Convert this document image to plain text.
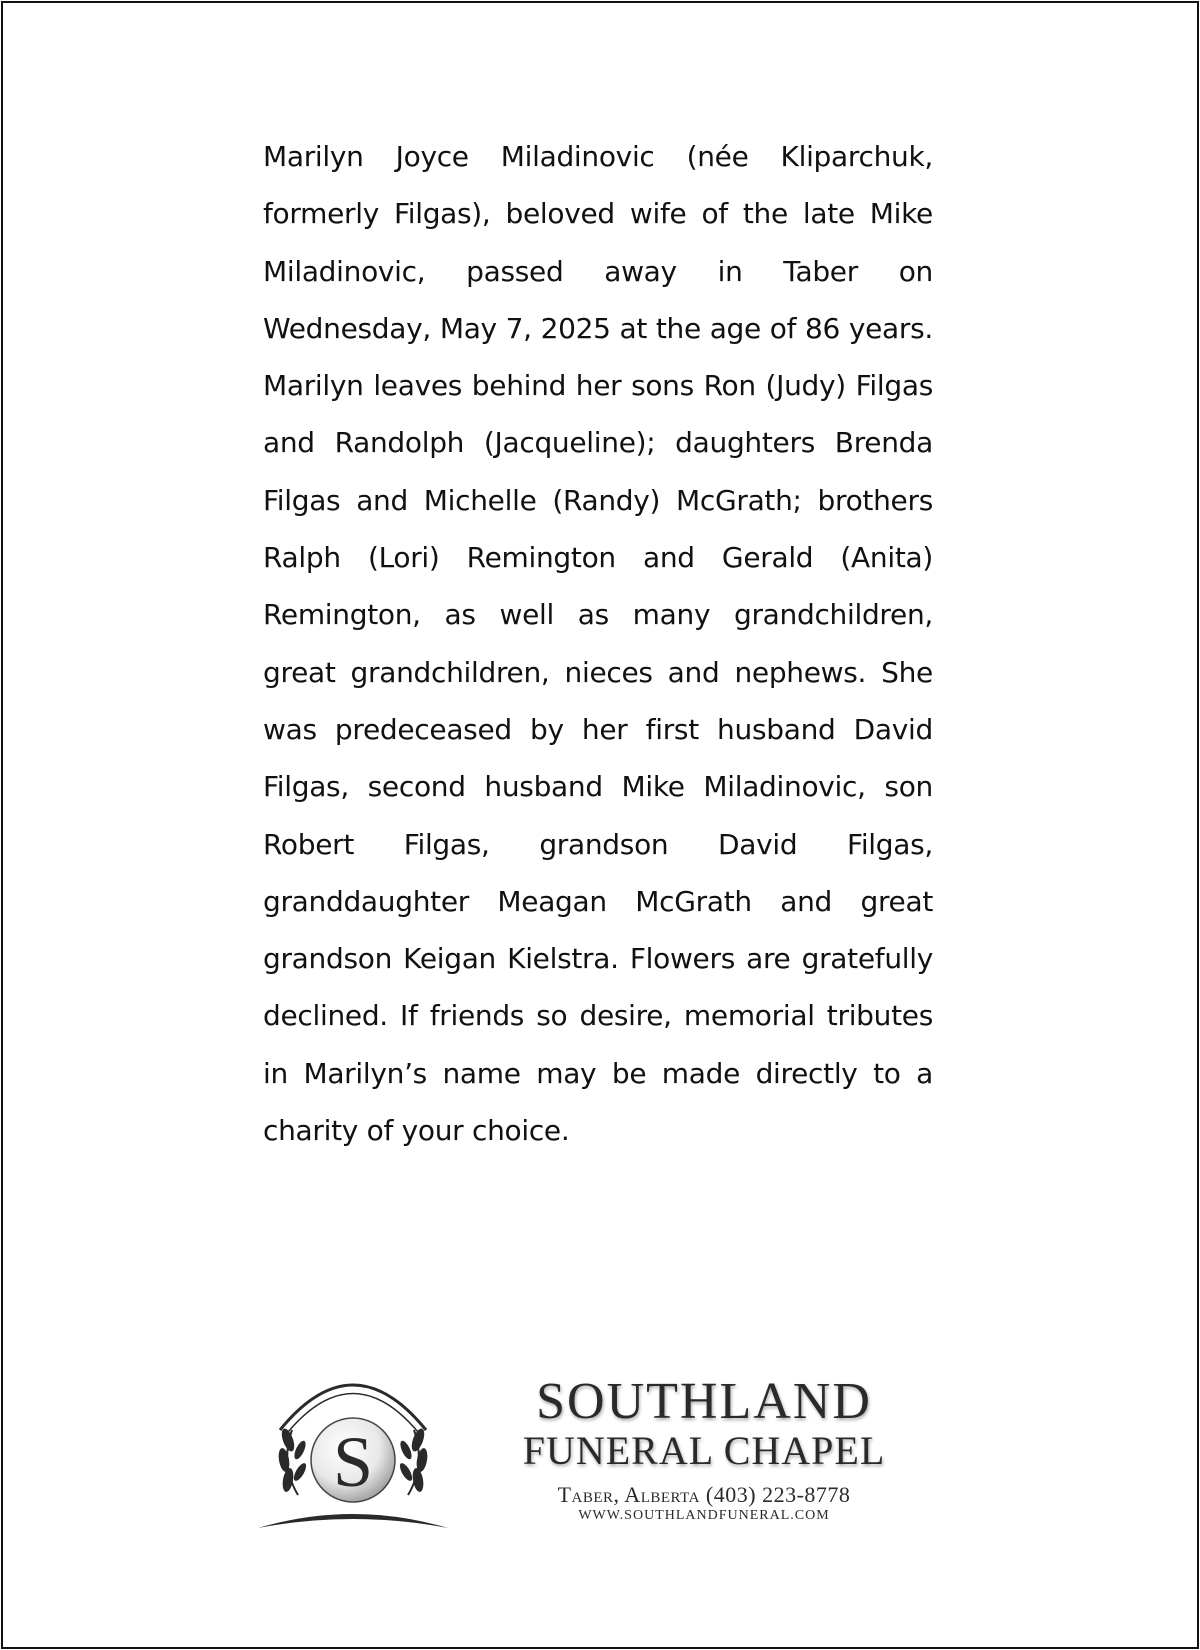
Marilyn Joyce Miladinovic (née Kliparchuk, formerly Filgas), beloved wife of the late Mike Miladinovic, passed away in Taber on Wednesday, May 7, 2025 at the age of 86 years. Marilyn leaves behind her sons Ron (Judy) Filgas and Randolph (Jacqueline); daughters Brenda Filgas and Michelle (Randy) McGrath; brothers Ralph (Lori) Remington and Gerald (Anita) Remington, as well as many grandchildren, great grandchildren, nieces and nephews. She was predeceased by her first husband David Filgas, second husband Mike Miladinovic, son Robert Filgas, grandson David Filgas, granddaughter Meagan McGrath and great grandson Keigan Kielstra. Flowers are gratefully declined. If friends so desire, memorial tributes in Marilyn’s name may be made directly to a charity of your choice.

S
SOUTHLAND
FUNERAL CHAPEL
Taber, Alberta (403) 223-8778
WWW.SOUTHLANDFUNERAL.COM
